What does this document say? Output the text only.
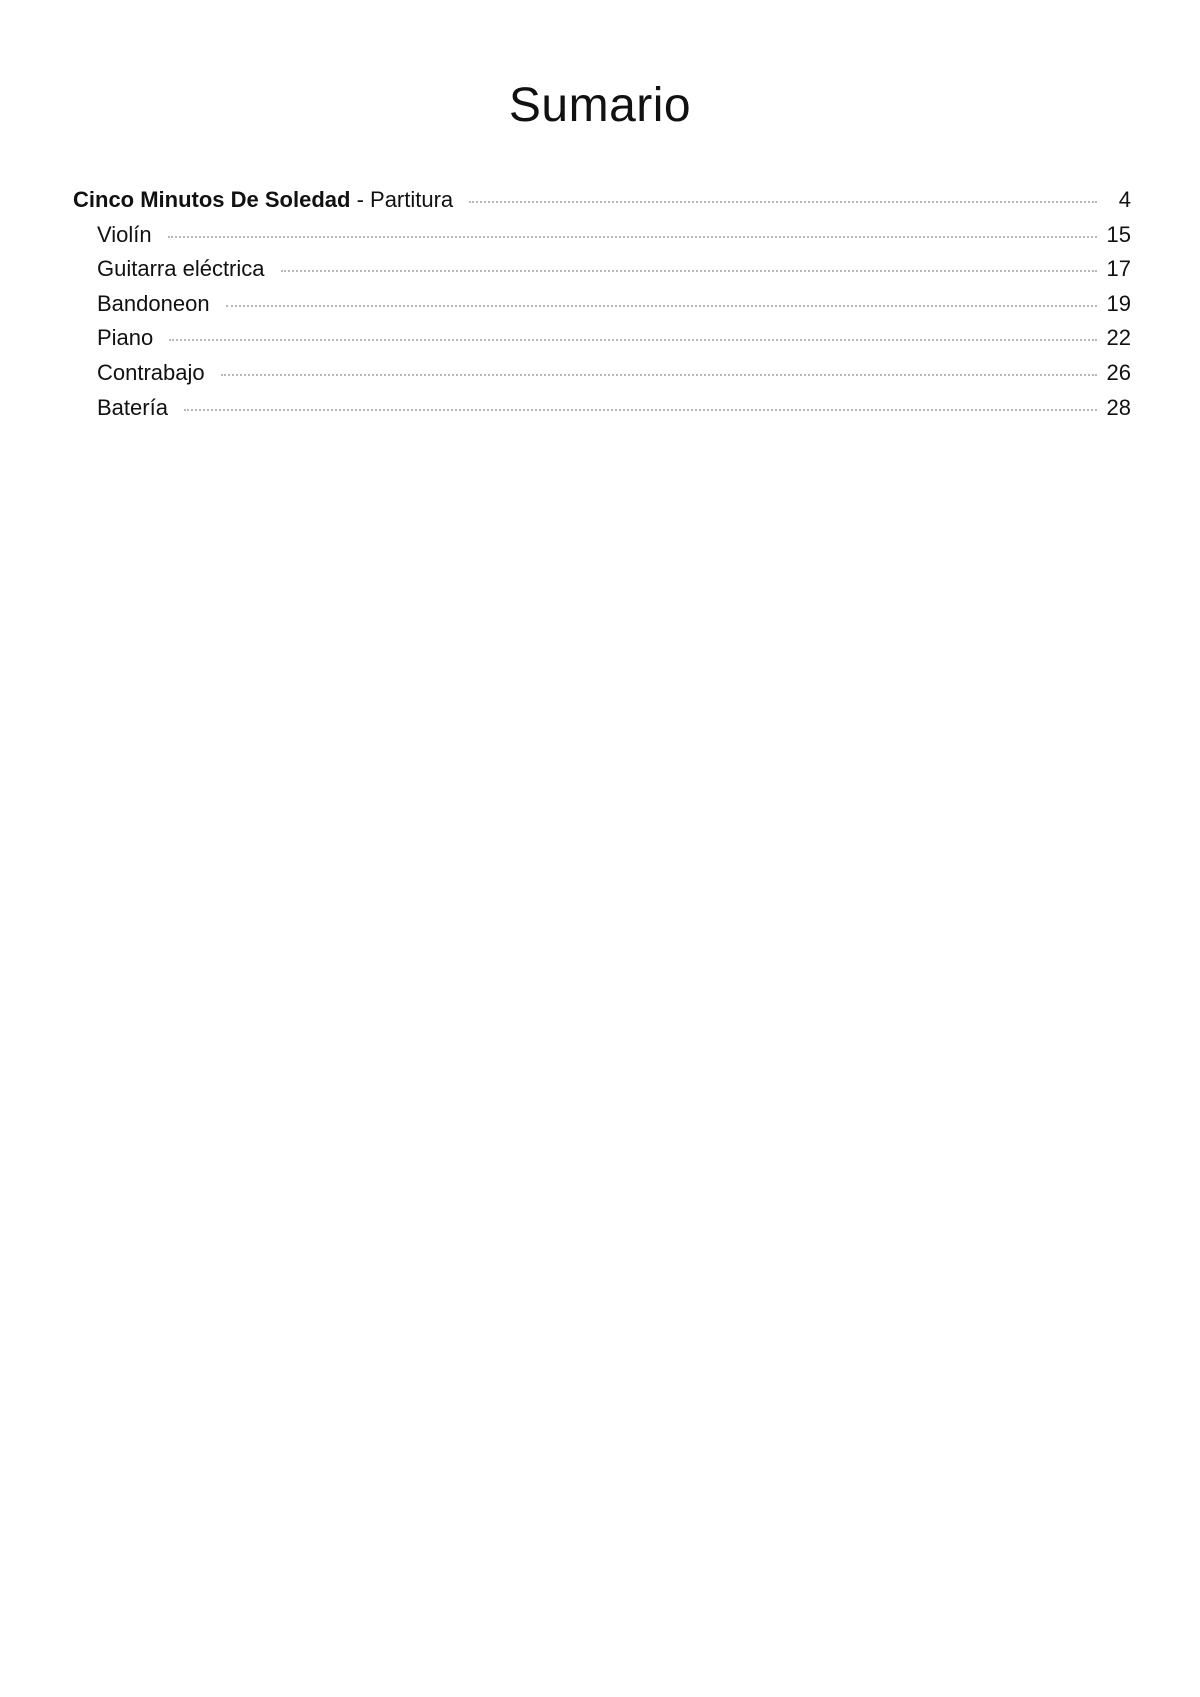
Sumario
Cinco Minutos De Soledad - Partitura	4
Violín	15
Guitarra eléctrica	17
Bandoneon	19
Piano	22
Contrabajo	26
Batería	28
